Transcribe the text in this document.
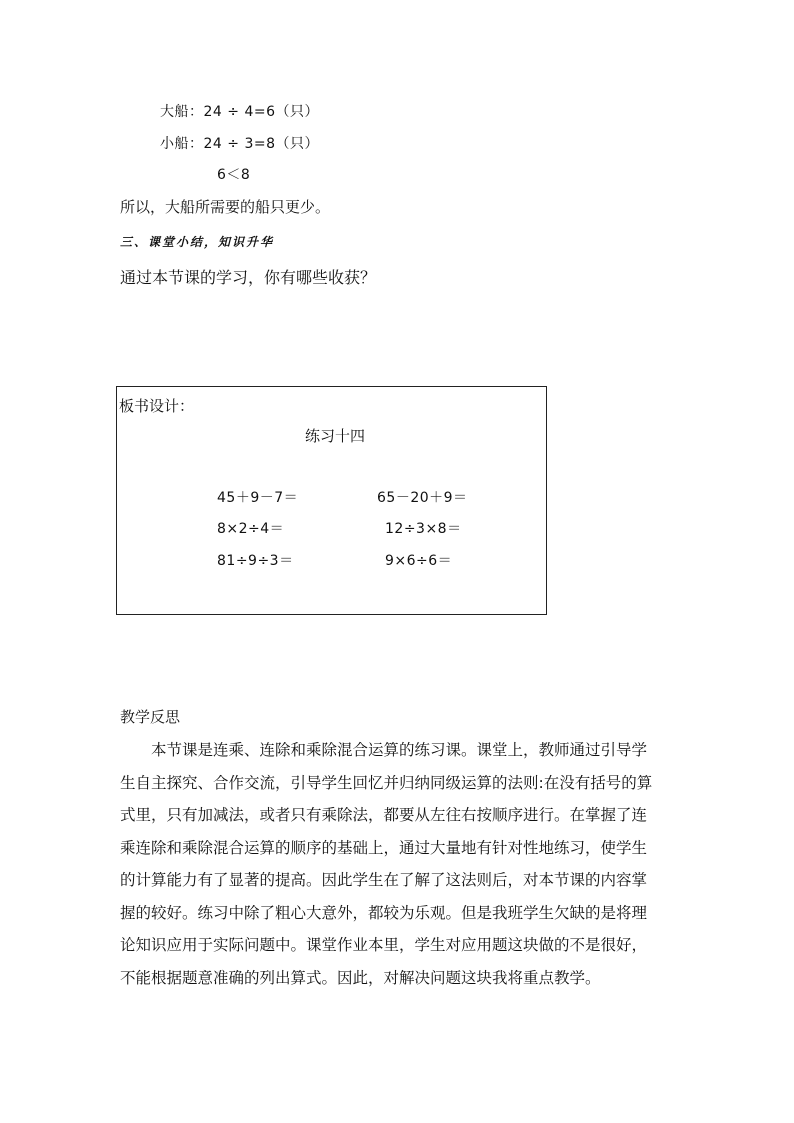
大船：24 ÷ 4=6（只）
小船：24 ÷ 3=8（只）
6＜8
所以，大船所需要的船只更少。
三、课堂小结，知识升华
通过本节课的学习，你有哪些收获？
板书设计：
练习十四
45＋9－7＝	65－20＋9＝
8×2÷4＝	12÷3×8＝
81÷9÷3＝	9×6÷6＝
教学反思
本节课是连乘、连除和乘除混合运算的练习课。课堂上，教师通过引导学
生自主探究、合作交流，引导学生回忆并归纳同级运算的法则:在没有括号的算
式里，只有加减法，或者只有乘除法，都要从左往右按顺序进行。在掌握了连
乘连除和乘除混合运算的顺序的基础上，通过大量地有针对性地练习，使学生
的计算能力有了显著的提高。因此学生在了解了这法则后，对本节课的内容掌
握的较好。练习中除了粗心大意外，都较为乐观。但是我班学生欠缺的是将理
论知识应用于实际问题中。课堂作业本里，学生对应用题这块做的不是很好，
不能根据题意准确的列出算式。因此，对解决问题这块我将重点教学。
